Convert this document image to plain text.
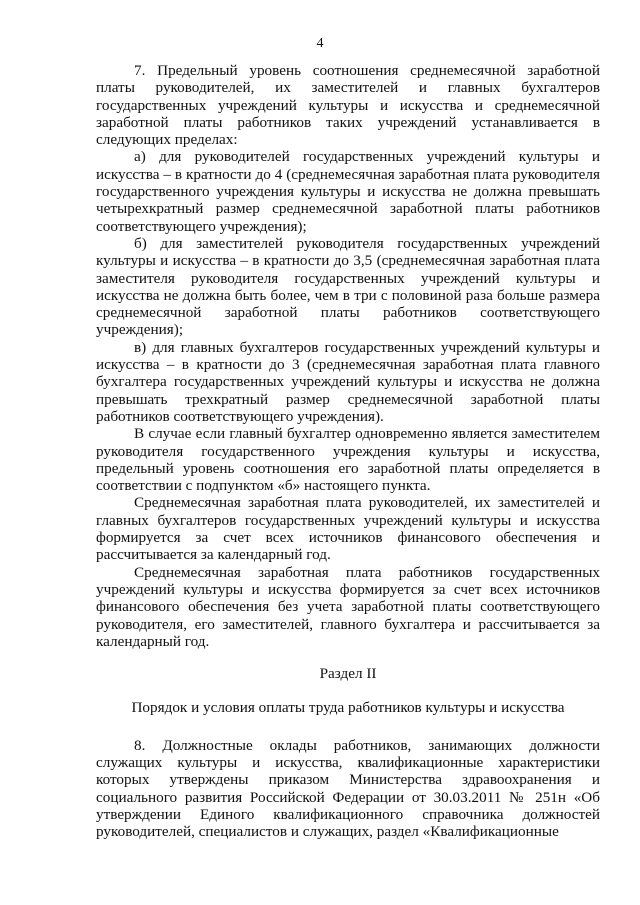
4

7. Предельный уровень соотношения среднемесячной заработной платы руководителей, их заместителей и главных бухгалтеров государственных учреждений культуры и искусства и среднемесячной заработной платы работников таких учреждений устанавливается в следующих пределах:

а) для руководителей государственных учреждений культуры и искусства – в кратности до 4 (среднемесячная заработная плата руководителя государственного учреждения культуры и искусства не должна превышать четырехкратный размер среднемесячной заработной платы работников соответствующего учреждения);

б) для заместителей руководителя государственных учреждений культуры и искусства – в кратности до 3,5 (среднемесячная заработная плата заместителя руководителя государственных учреждений культуры и искусства не должна быть более, чем в три с половиной раза больше размера среднемесячной заработной платы работников соответствующего учреждения);

в) для главных бухгалтеров государственных учреждений культуры и искусства – в кратности до 3 (среднемесячная заработная плата главного бухгалтера государственных учреждений культуры и искусства не должна превышать трехкратный размер среднемесячной заработной платы работников соответствующего учреждения).

В случае если главный бухгалтер одновременно является заместителем руководителя государственного учреждения культуры и искусства, предельный уровень соотношения его заработной платы определяется в соответствии с подпунктом «б» настоящего пункта.

Среднемесячная заработная плата руководителей, их заместителей и главных бухгалтеров государственных учреждений культуры и искусства формируется за счет всех источников финансового обеспечения и рассчитывается за календарный год.

Среднемесячная заработная плата работников государственных учреждений культуры и искусства формируется за счет всех источников финансового обеспечения без учета заработной платы соответствующего руководителя, его заместителей, главного бухгалтера и рассчитывается за календарный год.

Раздел II

Порядок и условия оплаты труда работников культуры и искусства

8. Должностные оклады работников, занимающих должности служащих культуры и искусства, квалификационные характеристики которых утверждены приказом Министерства здравоохранения и социального развития Российской Федерации от 30.03.2011 № 251н «Об утверждении Единого квалификационного справочника должностей руководителей, специалистов и служащих, раздел «Квалификационные
